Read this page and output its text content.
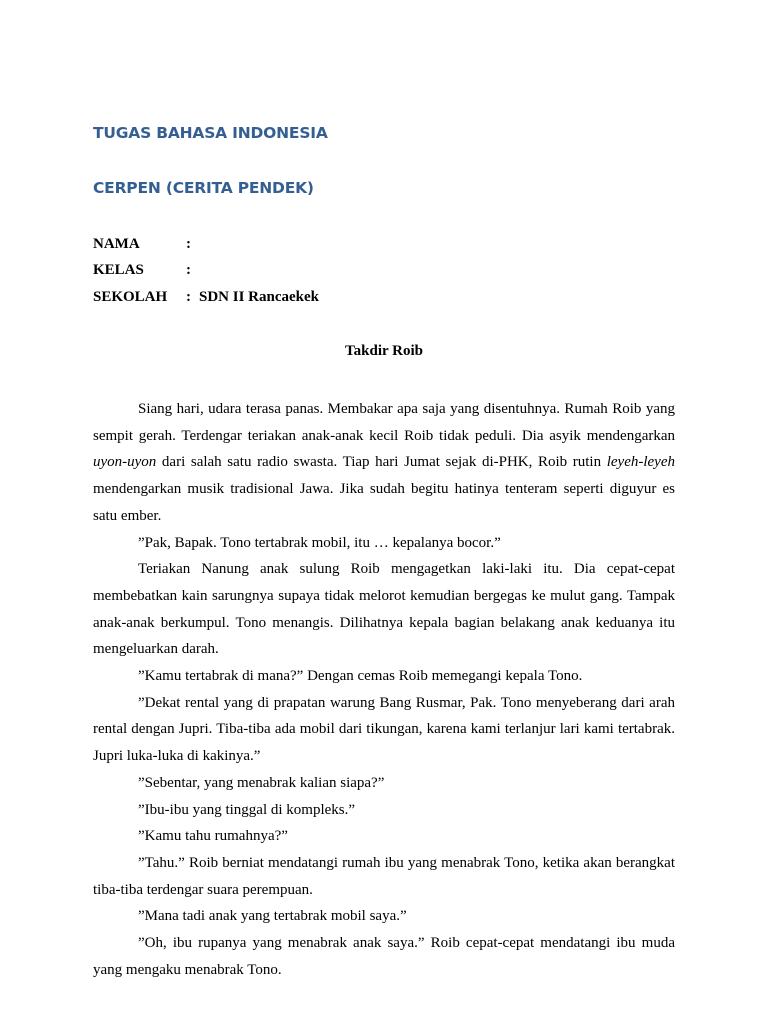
TUGAS BAHASA INDONESIA
CERPEN (CERITA PENDEK)
NAMA	:
KELAS	:
SEKOLAH : SDN II Rancaekek
Takdir Roib

Siang hari, udara terasa panas. Membakar apa saja yang disentuhnya. Rumah Roib yang sempit gerah. Terdengar teriakan anak-anak kecil Roib tidak peduli. Dia asyik mendengarkan uyon-uyon dari salah satu radio swasta. Tiap hari Jumat sejak di-PHK, Roib rutin leyeh-leyeh mendengarkan musik tradisional Jawa. Jika sudah begitu hatinya tenteram seperti diguyur es satu ember.

”Pak, Bapak. Tono tertabrak mobil, itu … kepalanya bocor.”

Teriakan Nanung anak sulung Roib mengagetkan laki-laki itu. Dia cepat-cepat membebatkan kain sarungnya supaya tidak melorot kemudian bergegas ke mulut gang. Tampak anak-anak berkumpul. Tono menangis. Dilihatnya kepala bagian belakang anak keduanya itu mengeluarkan darah.

”Kamu tertabrak di mana?” Dengan cemas Roib memegangi kepala Tono.

”Dekat rental yang di prapatan warung Bang Rusmar, Pak. Tono menyeberang dari arah rental dengan Jupri. Tiba-tiba ada mobil dari tikungan, karena kami terlanjur lari kami tertabrak. Jupri luka-luka di kakinya.”

”Sebentar, yang menabrak kalian siapa?”

”Ibu-ibu yang tinggal di kompleks.”

”Kamu tahu rumahnya?”

”Tahu.” Roib berniat mendatangi rumah ibu yang menabrak Tono, ketika akan berangkat tiba-tiba terdengar suara perempuan.

”Mana tadi anak yang tertabrak mobil saya.”

”Oh, ibu rupanya yang menabrak anak saya.” Roib cepat-cepat mendatangi ibu muda yang mengaku menabrak Tono.
